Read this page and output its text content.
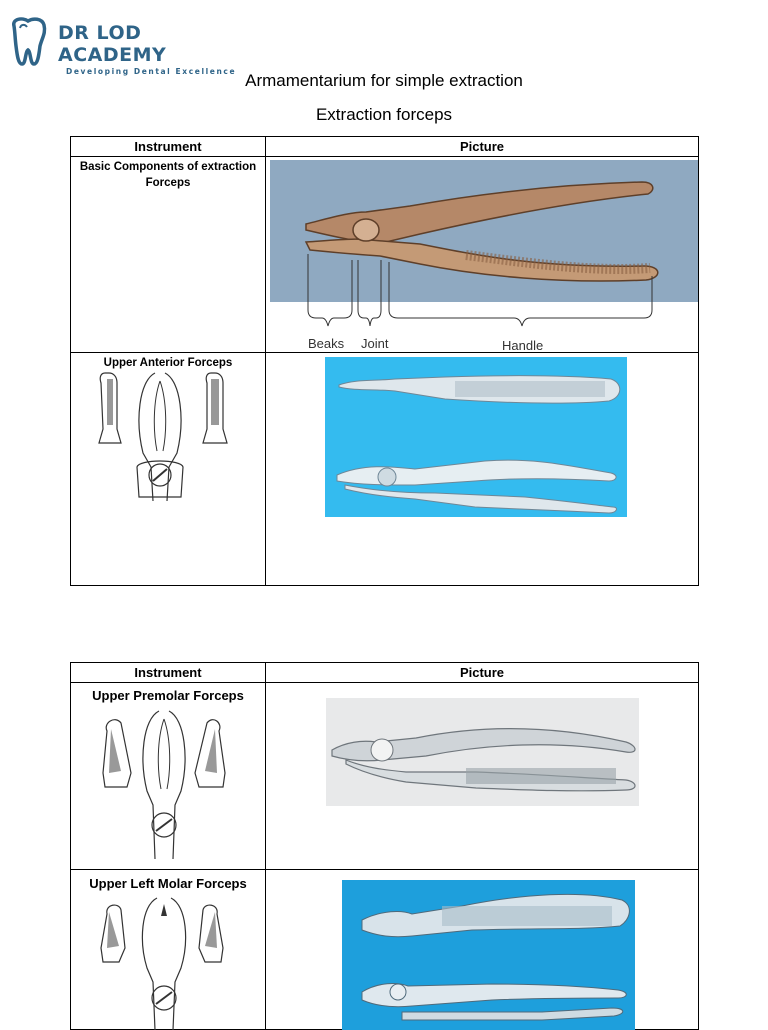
DR LOD ACADEMY
Developing Dental Excellence Armamentarium for simple extraction
Extraction forceps
Instrument	Picture

Basic Components of extraction Forceps	Beaks Joint Handle

Upper Anterior Forceps

Instrument	Picture

Upper Premolar Forceps

Upper Left Molar Forceps
